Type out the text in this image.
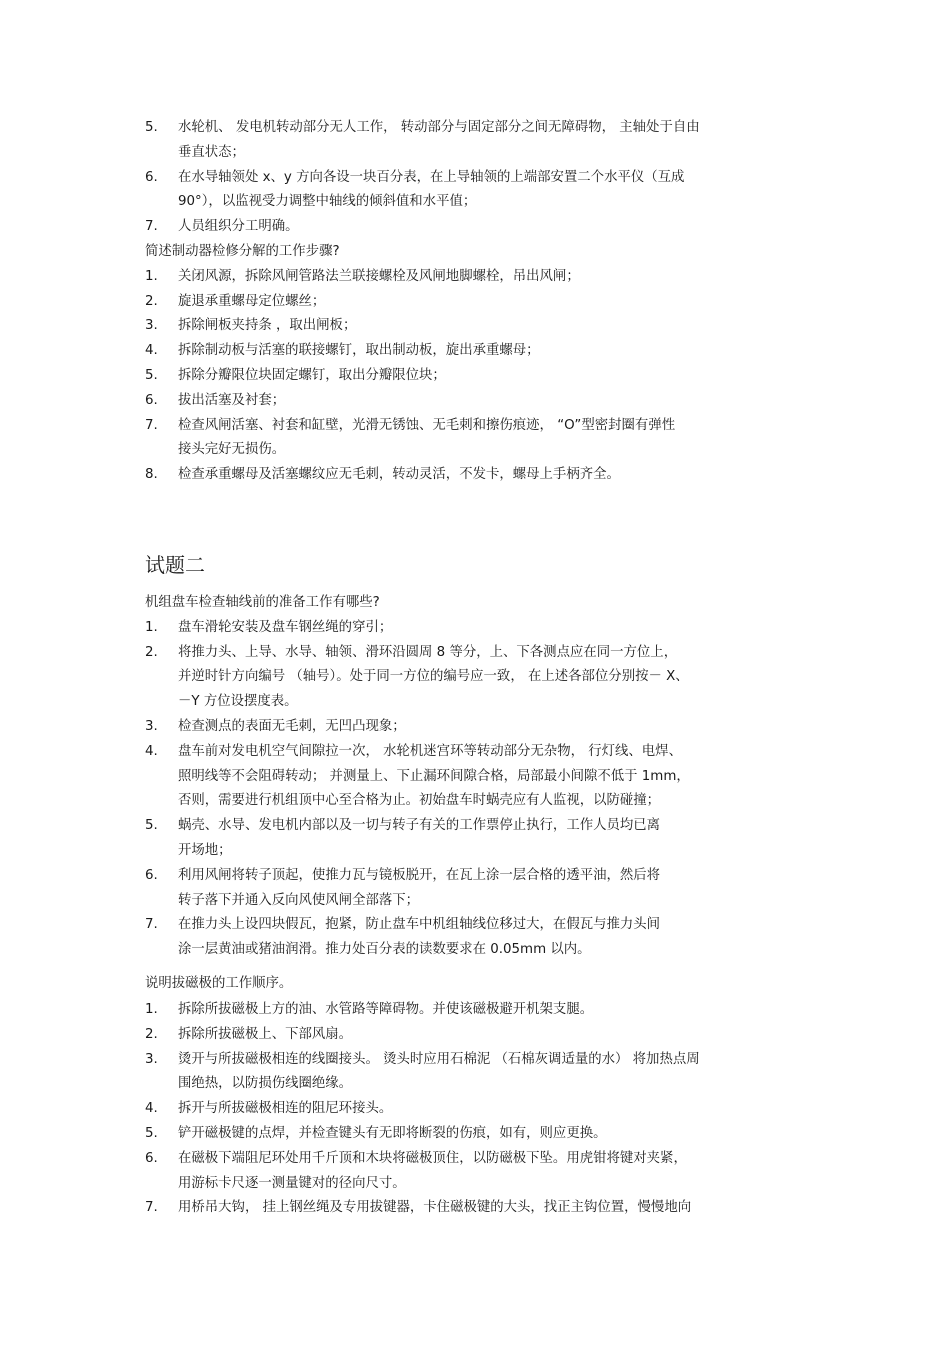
5. 水轮机、 发电机转动部分无人工作， 转动部分与固定部分之间无障碍物， 主轴处于自由
垂直状态；
6. 在水导轴领处 x、y 方向各设一块百分表，在上导轴领的上端部安置二个水平仪（互成
90°），以监视受力调整中轴线的倾斜值和水平值；
7. 人员组织分工明确。
简述制动器检修分解的工作步骤?
1. 关闭风源，拆除风闸管路法兰联接螺栓及风闸地脚螺栓，吊出风闸；
2. 旋退承重螺母定位螺丝；
3. 拆除闸板夹持条 ，取出闸板；
4. 拆除制动板与活塞的联接螺钉，取出制动板，旋出承重螺母；
5. 拆除分瓣限位块固定螺钉，取出分瓣限位块；
6. 拔出活塞及衬套；
7. 检查风闸活塞、衬套和缸壁，光滑无锈蚀、无毛刺和擦伤痕迹， “O”型密封圈有弹性
接头完好无损伤。
8. 检查承重螺母及活塞螺纹应无毛刺，转动灵活，不发卡，螺母上手柄齐全。
试题二
机组盘车检查轴线前的准备工作有哪些?
1. 盘车滑轮安装及盘车钢丝绳的穿引；
2. 将推力头、上导、水导、轴领、滑环沿圆周 8 等分，上、下各测点应在同一方位上，
并逆时针方向编号 （轴号）。处于同一方位的编号应一致， 在上述各部位分别按－ X、
－Y 方位设摆度表。
3. 检查测点的表面无毛刺，无凹凸现象；
4. 盘车前对发电机空气间隙拉一次， 水轮机迷宫环等转动部分无杂物， 行灯线、电焊、
照明线等不会阻碍转动； 并测量上、下止漏环间隙合格，局部最小间隙不低于 1mm，
否则，需要进行机组顶中心至合格为止。初始盘车时蜗壳应有人监视，以防碰撞；
5. 蜗壳、水导、发电机内部以及一切与转子有关的工作票停止执行，工作人员均已离
开场地；
6. 利用风闸将转子顶起，使推力瓦与镜板脱开，在瓦上涂一层合格的透平油，然后将
转子落下并通入反向风使风闸全部落下；
7. 在推力头上设四块假瓦，抱紧，防止盘车中机组轴线位移过大，在假瓦与推力头间
涂一层黄油或猪油润滑。推力处百分表的读数要求在 0.05mm 以内。
说明拔磁极的工作顺序。
1. 拆除所拔磁极上方的油、水管路等障碍物。并使该磁极避开机架支腿。
2. 拆除所拔磁极上、下部风扇。
3. 烫开与所拔磁极相连的线圈接头。 烫头时应用石棉泥 （石棉灰调适量的水） 将加热点周
围绝热，以防损伤线圈绝缘。
4. 拆开与所拔磁极相连的阻尼环接头。
5. 铲开磁极键的点焊，并检查键头有无即将断裂的伤痕，如有，则应更换。
6. 在磁极下端阻尼环处用千斤顶和木块将磁极顶住，以防磁极下坠。用虎钳将键对夹紧，
用游标卡尺逐一测量键对的径向尺寸。
7. 用桥吊大钩， 挂上钢丝绳及专用拔键器，卡住磁极键的大头，找正主钩位置，慢慢地向
